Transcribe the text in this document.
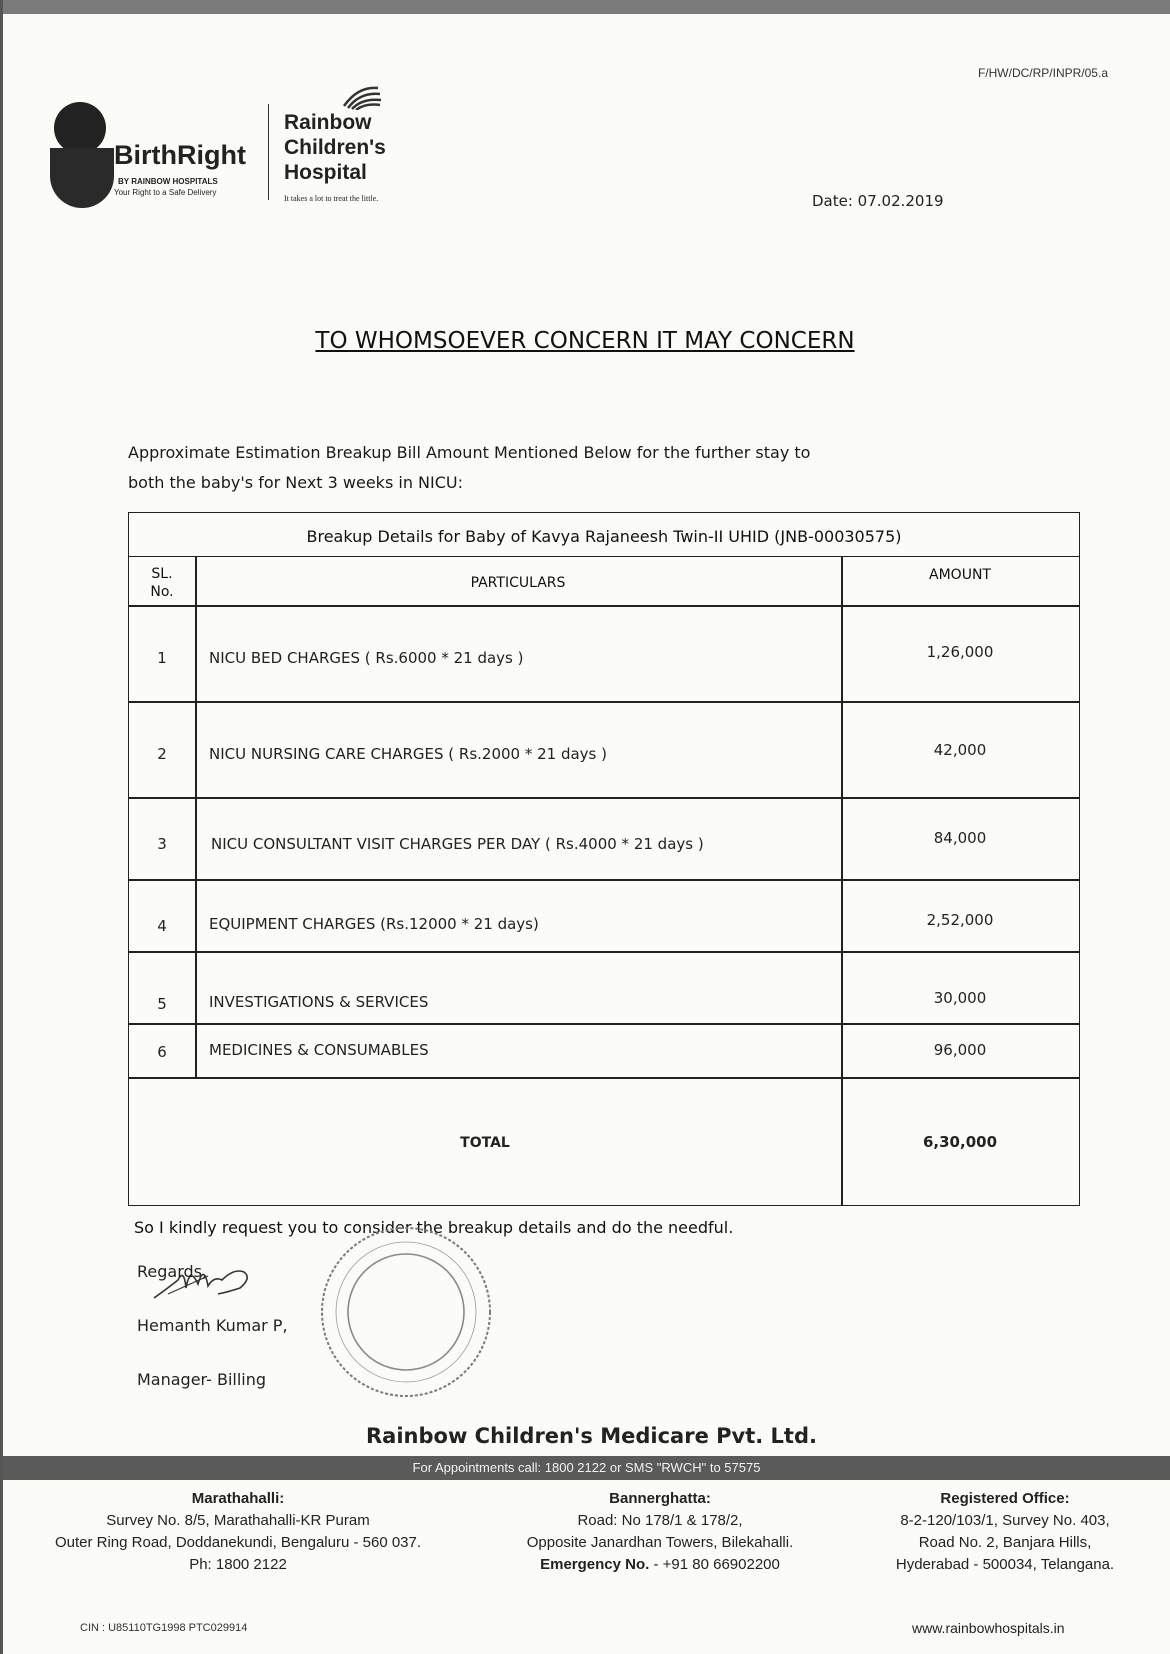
F/HW/DC/RP/INPR/05.a
BirthRight
BY RAINBOW HOSPITALS
Your Right to a Safe Delivery
Rainbow
Children's
Hospital
It takes a lot to treat the little.	Date: 07.02.2019
TO WHOMSOEVER CONCERN IT MAY CONCERN
Approximate Estimation Breakup Bill Amount Mentioned Below for the further stay to
both the baby's for Next 3 weeks in NICU:
Breakup Details for Baby of Kavya Rajaneesh Twin-II UHID (JNB-00030575)
SL.
No.
PARTICULARS	AMOUNT
1	NICU BED CHARGES ( Rs.6000 * 21 days )	1,26,000
2	NICU NURSING CARE CHARGES ( Rs.2000 * 21 days )	42,000
3	NICU CONSULTANT VISIT CHARGES PER DAY ( Rs.4000 * 21 days )	84,000
4	EQUIPMENT CHARGES (Rs.12000 * 21 days)	2,52,000
5	INVESTIGATIONS & SERVICES	30,000
6	MEDICINES & CONSUMABLES	96,000
TOTAL	6,30,000
So I kindly request you to consider the breakup details and do the needful.
Regards,
Hemanth Kumar P,
Manager- Billing
Rainbow Children's Medicare Pvt. Ltd.
For Appointments call: 1800 2122 or SMS "RWCH" to 57575
Marathahalli:
Survey No. 8/5, Marathahalli-KR Puram
Outer Ring Road, Doddanekundi, Bengaluru - 560 037.
Ph: 1800 2122
Bannerghatta:
Road: No 178/1 & 178/2,
Opposite Janardhan Towers, Bilekahalli.
Emergency No. - +91 80 66902200
Registered Office:
8-2-120/103/1, Survey No. 403,
Road No. 2, Banjara Hills,
Hyderabad - 500034, Telangana.
CIN : U85110TG1998 PTC029914	www.rainbowhospitals.in
